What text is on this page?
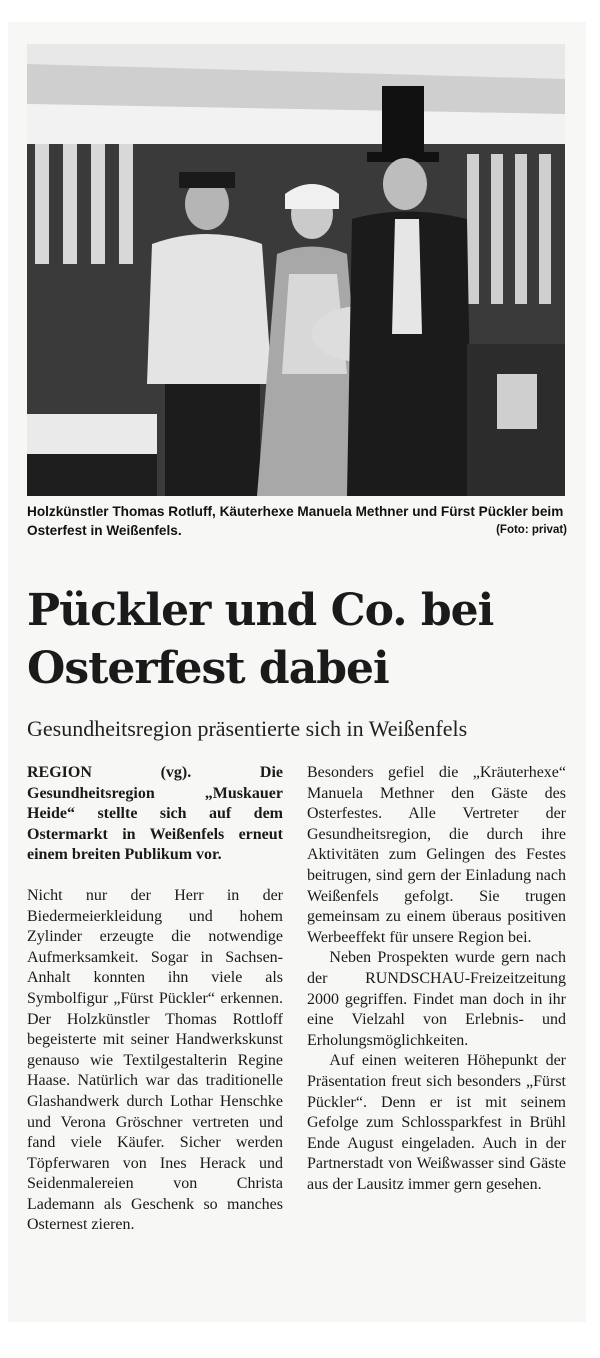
Holzkünstler Thomas Rotluff, Käuterhexe Manuela Methner und Fürst Pückler beim Osterfest in Weißenfels.	(Foto: privat)
Pückler und Co. bei Osterfest dabei
Gesundheitsregion präsentierte sich in Weißenfels

REGION (vg). Die Gesundheitsregion „Muskauer Heide“ stellte sich auf dem Ostermarkt in Weißenfels erneut einem breiten Publikum vor.

Nicht nur der Herr in der Biedermeierkleidung und hohem Zylinder erzeugte die notwendige Aufmerksamkeit. Sogar in Sachsen-Anhalt konnten ihn viele als Symbolfigur „Fürst Pückler“ erkennen. Der Holzkünstler Thomas Rottloff begeisterte mit seiner Handwerkskunst genauso wie Textilgestalterin Regine Haase. Natürlich war das traditionelle Glashandwerk durch Lothar Henschke und Verona Gröschner vertreten und fand viele Käufer. Sicher werden Töpferwaren von Ines Herack und Seidenmalereien von Christa Lademann als Geschenk so manches Osternest zieren.

Besonders gefiel die „Kräuterhexe“ Manuela Methner den Gäste des Osterfestes. Alle Vertreter der Gesundheitsregion, die durch ihre Aktivitäten zum Gelingen des Festes beitrugen, sind gern der Einladung nach Weißenfels gefolgt. Sie trugen gemeinsam zu einem überaus positiven Werbeeffekt für unsere Region bei.

Neben Prospekten wurde gern nach der RUNDSCHAU-Freizeitzeitung 2000 gegriffen. Findet man doch in ihr eine Vielzahl von Erlebnis- und Erholungsmöglichkeiten.

Auf einen weiteren Höhepunkt der Präsentation freut sich besonders „Fürst Pückler“. Denn er ist mit seinem Gefolge zum Schlossparkfest in Brühl Ende August eingeladen. Auch in der Partnerstadt von Weißwasser sind Gäste aus der Lausitz immer gern gesehen.
